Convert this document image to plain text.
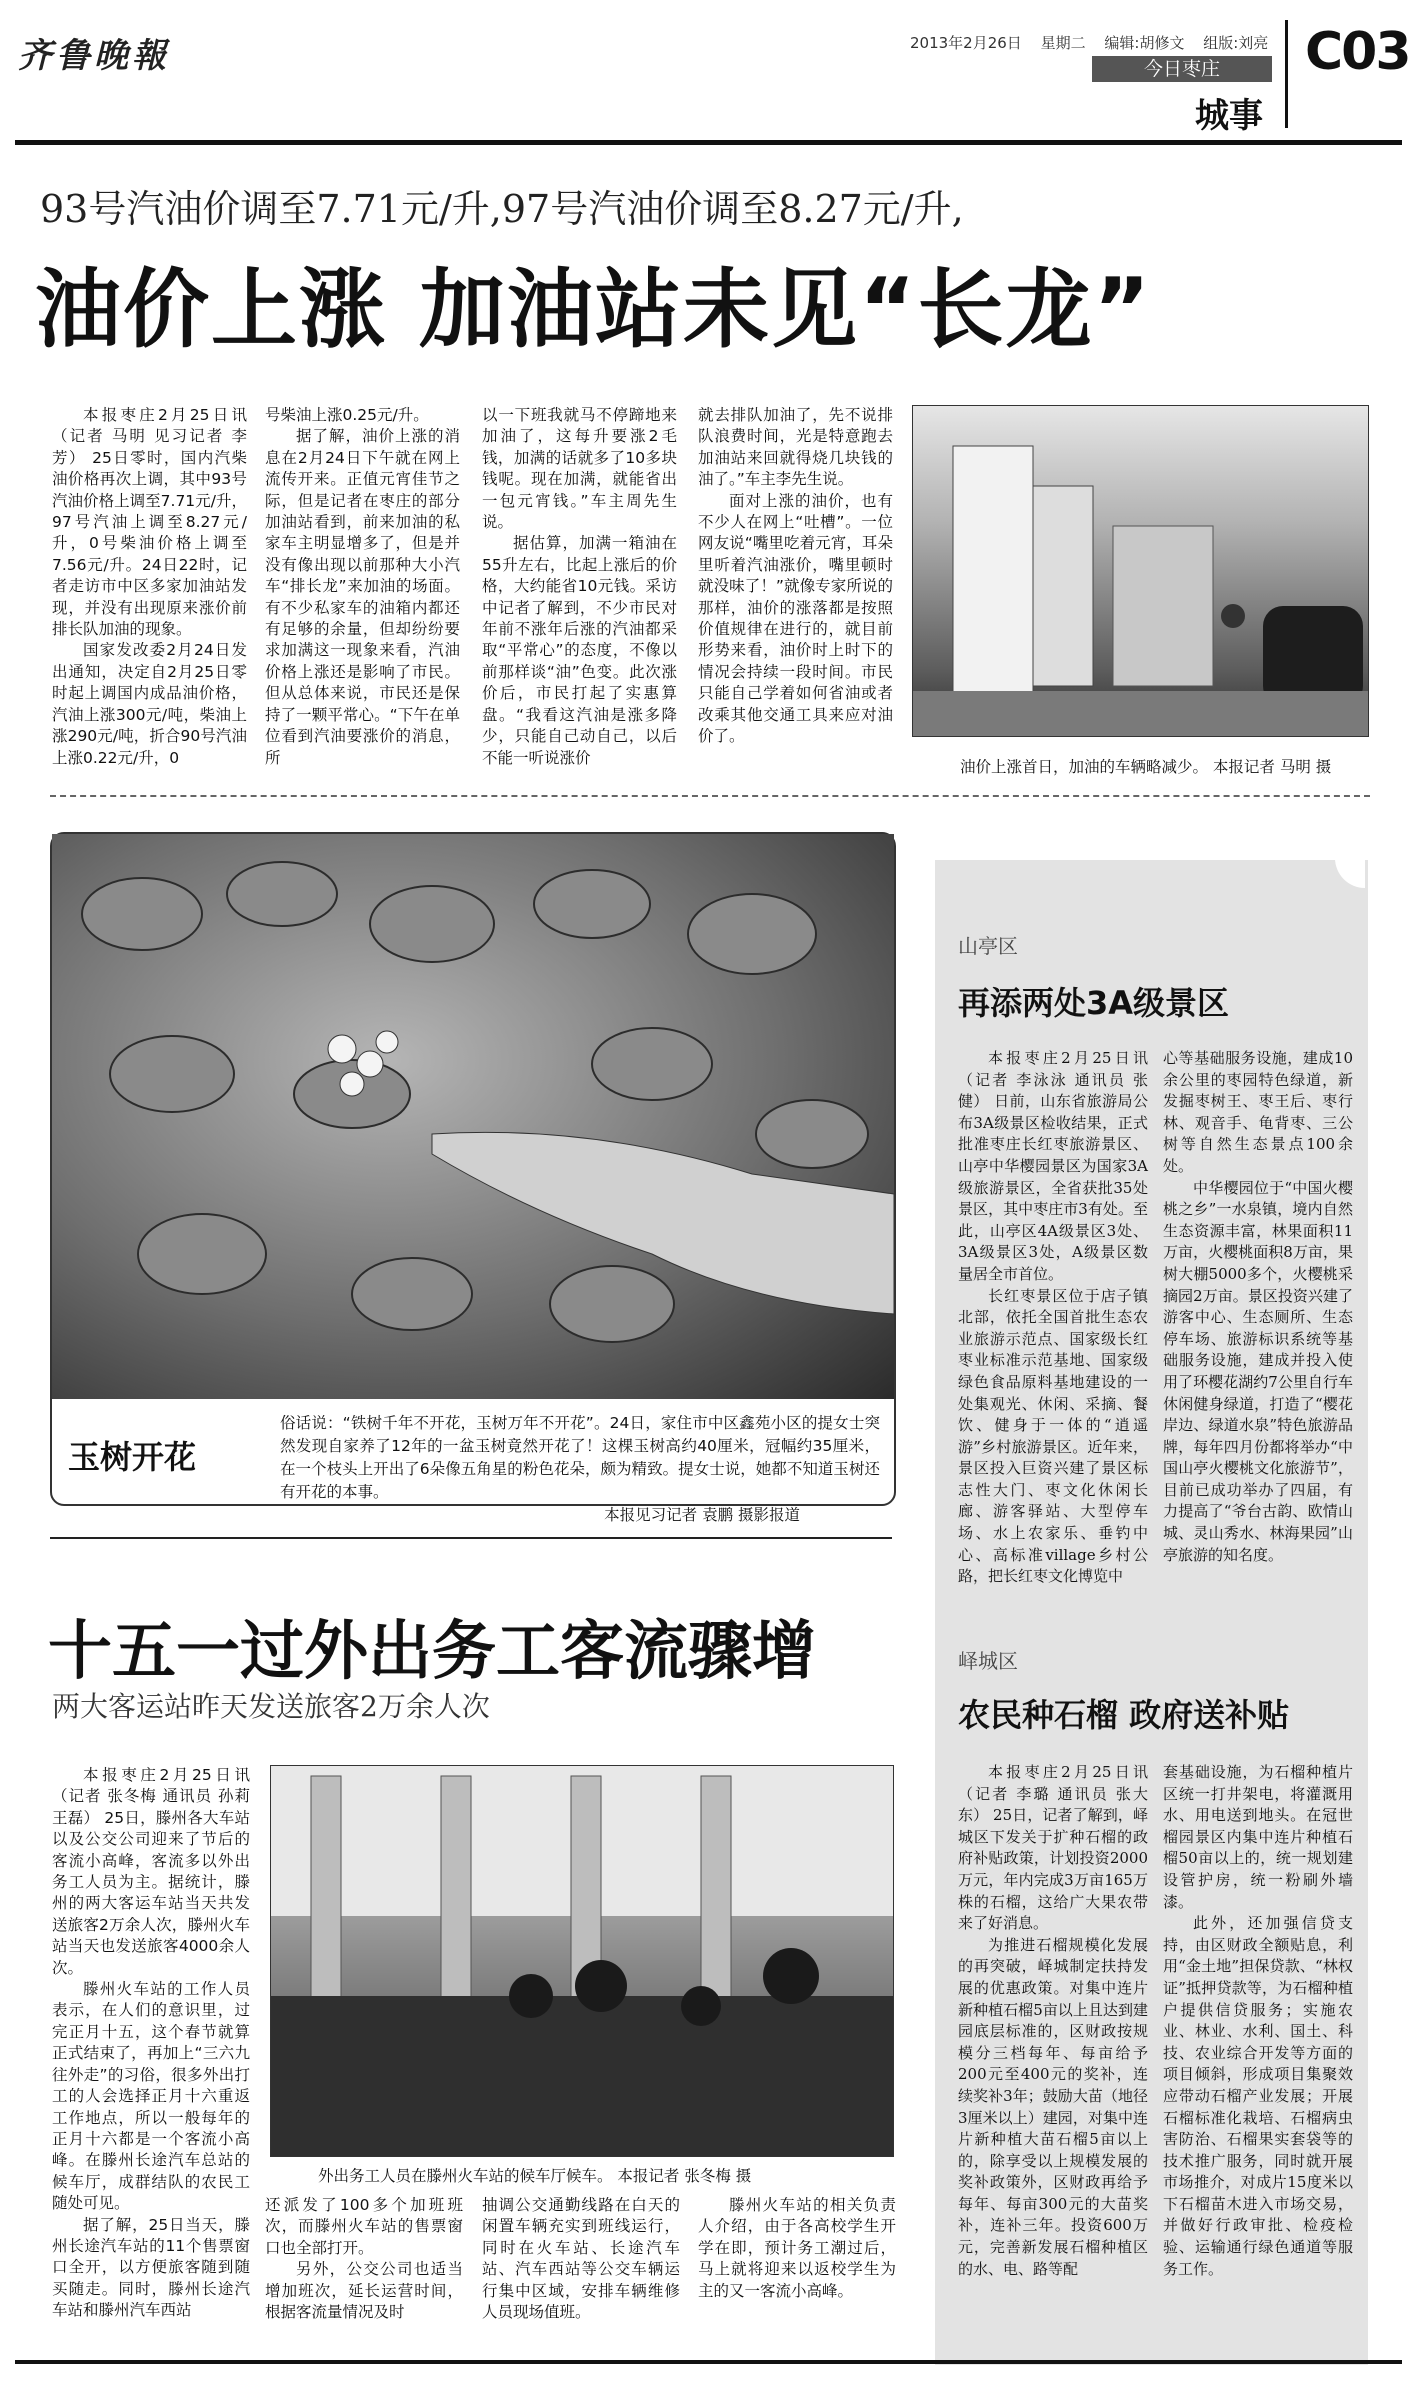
齐鲁晚報	2013年2月26日 星期二 编辑:胡修文 组版:刘亮
今日枣庄
城事
C03
93号汽油价调至7.71元/升,97号汽油价调至8.27元/升,
油价上涨 加油站未见“长龙”

本报枣庄2月25日讯（记者 马明 见习记者 李芳） 25日零时，国内汽柴油价格再次上调，其中93号汽油价格上调至7.71元/升，97号汽油上调至8.27元/升，0号柴油价格上调至7.56元/升。24日22时，记者走访市中区多家加油站发现，并没有出现原来涨价前排长队加油的现象。

国家发改委2月24日发出通知，决定自2月25日零时起上调国内成品油价格，汽油上涨300元/吨，柴油上涨290元/吨，折合90号汽油上涨0.22元/升，0

号柴油上涨0.25元/升。

据了解，油价上涨的消息在2月24日下午就在网上流传开来。正值元宵佳节之际，但是记者在枣庄的部分加油站看到，前来加油的私家车主明显增多了，但是并没有像出现以前那种大小汽车“排长龙”来加油的场面。有不少私家车的油箱内都还有足够的余量，但却纷纷要求加满这一现象来看，汽油价格上涨还是影响了市民。但从总体来说，市民还是保持了一颗平常心。“下午在单位看到汽油要涨价的消息，所

以一下班我就马不停蹄地来加油了，这每升要涨2毛钱，加满的话就多了10多块钱呢。现在加满，就能省出一包元宵钱。”车主周先生说。

据估算，加满一箱油在55升左右，比起上涨后的价格，大约能省10元钱。采访中记者了解到，不少市民对年前不涨年后涨的汽油都采取“平常心”的态度，不像以前那样谈“油”色变。此次涨价后，市民打起了实惠算盘。“我看这汽油是涨多降少，只能自己动自己，以后不能一听说涨价

就去排队加油了，先不说排队浪费时间，光是特意跑去加油站来回就得烧几块钱的油了。”车主李先生说。

面对上涨的油价，也有不少人在网上“吐槽”。一位网友说“嘴里吃着元宵，耳朵里听着汽油涨价，嘴里顿时就没味了！”就像专家所说的那样，油价的涨落都是按照价值规律在进行的，就目前形势来看，油价时上时下的情况会持续一段时间。市民只能自己学着如何省油或者改乘其他交通工具来应对油价了。

油价上涨首日，加油的车辆略减少。 本报记者 马明 摄
玉树开花
俗话说：“铁树千年不开花，玉树万年不开花”。24日，家住市中区鑫苑小区的提女士突然发现自家养了12年的一盆玉树竟然开花了！这棵玉树高约40厘米，冠幅约35厘米，在一个枝头上开出了6朵像五角星的粉色花朵，颇为精致。提女士说，她都不知道玉树还有开花的本事。
本报见习记者 袁鹏 摄影报道
山亭区
再添两处3A级景区

本报枣庄2月25日讯（记者 李泳泳 通讯员 张健） 日前，山东省旅游局公布3A级景区检收结果，正式批准枣庄长红枣旅游景区、山亭中华樱园景区为国家3A级旅游景区，全省获批35处景区，其中枣庄市3有处。至此，山亭区4A级景区3处、3A级景区3处，A级景区数量居全市首位。

长红枣景区位于店子镇北部，依托全国首批生态农业旅游示范点、国家级长红枣业标准示范基地、国家级绿色食品原料基地建设的一处集观光、休闲、采摘、餐饮、健身于一体的“逍遥游”乡村旅游景区。近年来，景区投入巨资兴建了景区标志性大门、枣文化休闲长廊、游客驿站、大型停车场、水上农家乐、垂钓中心、高标准village乡村公路，把长红枣文化博览中

心等基础服务设施，建成10余公里的枣园特色绿道，新发掘枣树王、枣王后、枣行林、观音手、龟背枣、三公树等自然生态景点100余处。

中华樱园位于“中国火樱桃之乡”一水泉镇，境内自然生态资源丰富，林果面积11万亩，火樱桃面积8万亩，果树大棚5000多个，火樱桃采摘园2万亩。景区投资兴建了游客中心、生态厕所、生态停车场、旅游标识系统等基础服务设施，建成并投入使用了环樱花湖约7公里自行车休闲健身绿道，打造了“樱花岸边、绿道水泉”特色旅游品牌，每年四月份都将举办“中国山亭火樱桃文化旅游节”，目前已成功举办了四届，有力提高了“爷台古韵、欧情山城、灵山秀水、林海果园”山亭旅游的知名度。

峄城区
农民种石榴 政府送补贴

本报枣庄2月25日讯（记者 李璐 通讯员 张大东） 25日，记者了解到，峄城区下发关于扩种石榴的政府补贴政策，计划投资2000万元，年内完成3万亩165万株的石榴，这给广大果农带来了好消息。

为推进石榴规模化发展的再突破，峄城制定扶持发展的优惠政策。对集中连片新种植石榴5亩以上且达到建园底层标准的，区财政按规模分三档每年、每亩给予200元至400元的奖补，连续奖补3年；鼓励大苗（地径3厘米以上）建园，对集中连片新种植大苗石榴5亩以上的，除享受以上规模发展的奖补政策外，区财政再给予每年、每亩300元的大苗奖补，连补三年。投资600万元，完善新发展石榴种植区的水、电、路等配

套基础设施，为石榴种植片区统一打井架电，将灌溉用水、用电送到地头。在冠世榴园景区内集中连片种植石榴50亩以上的，统一规划建设管护房，统一粉刷外墙漆。

此外，还加强信贷支持，由区财政全额贴息，利用“金土地”担保贷款、“林权证”抵押贷款等，为石榴种植户提供信贷服务；实施农业、林业、水利、国土、科技、农业综合开发等方面的项目倾斜，形成项目集聚效应带动石榴产业发展；开展石榴标准化栽培、石榴病虫害防治、石榴果实套袋等的技术推广服务，同时就开展市场推介，对成片15度米以下石榴苗木进入市场交易，并做好行政审批、检疫检验、运输通行绿色通道等服务工作。

十五一过外出务工客流骤增
两大客运站昨天发送旅客2万余人次

本报枣庄2月25日讯（记者 张冬梅 通讯员 孙莉 王磊） 25日，滕州各大车站以及公交公司迎来了节后的客流小高峰，客流多以外出务工人员为主。据统计，滕州的两大客运车站当天共发送旅客2万余人次，滕州火车站当天也发送旅客4000余人次。

滕州火车站的工作人员表示，在人们的意识里，过完正月十五，这个春节就算正式结束了，再加上“三六九往外走”的习俗，很多外出打工的人会选择正月十六重返工作地点，所以一般每年的正月十六都是一个客流小高峰。在滕州长途汽车总站的候车厅，成群结队的农民工随处可见。

据了解，25日当天，滕州长途汽车站的11个售票窗口全开，以方便旅客随到随买随走。同时，滕州长途汽车站和滕州汽车西站

外出务工人员在滕州火车站的候车厅候车。 本报记者 张冬梅 摄

还派发了100多个加班班次，而滕州火车站的售票窗口也全部打开。

另外，公交公司也适当增加班次，延长运营时间，根据客流量情况及时

抽调公交通勤线路在白天的闲置车辆充实到班线运行，同时在火车站、长途汽车站、汽车西站等公交车辆运行集中区域，安排车辆维修人员现场值班。

滕州火车站的相关负责人介绍，由于各高校学生开学在即，预计务工潮过后，马上就将迎来以返校学生为主的又一客流小高峰。
